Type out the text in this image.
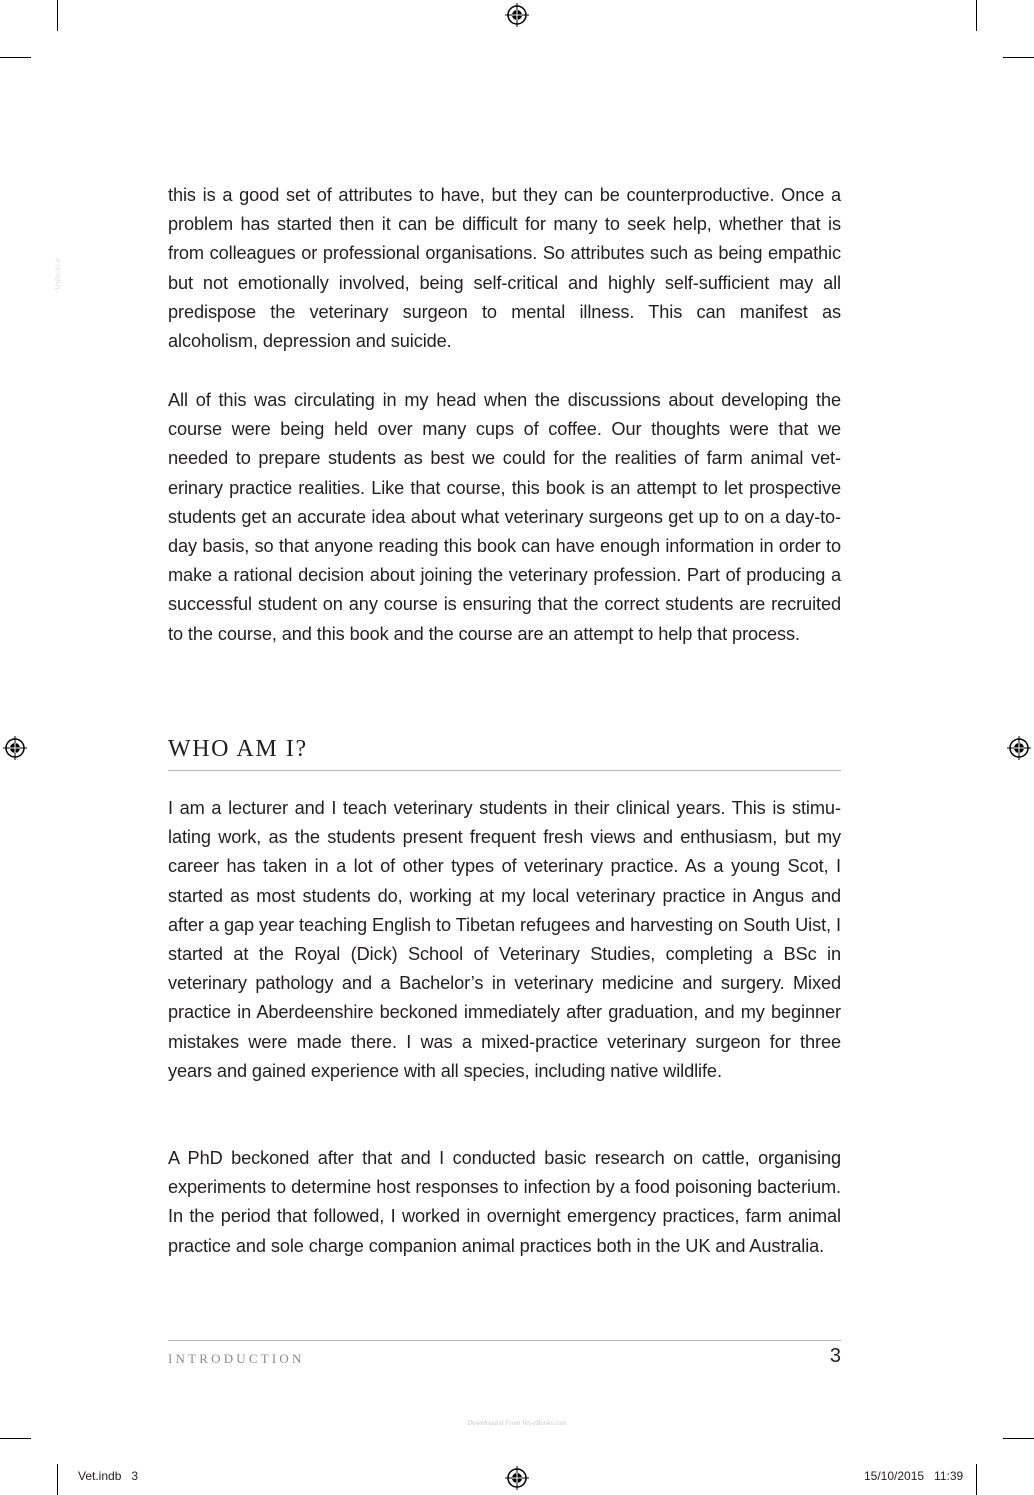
VetBooks.ir

this is a good set of attributes to have, but they can be counterproductive. Once a problem has started then it can be difficult for many to seek help, whether that is from colleagues or professional organisations. So attributes such as being empathic but not emotionally involved, being self-critical and highly self-sufficient may all predispose the veterinary surgeon to mental illness. This can manifest as alcoholism, depression and suicide.

All of this was circulating in my head when the discussions about developing the course were being held over many cups of coffee. Our thoughts were that we needed to prepare students as best we could for the realities of farm animal veterinary practice realities. Like that course, this book is an attempt to let prospective students get an accurate idea about what veterinary surgeons get up to on a day-to-day basis, so that anyone reading this book can have enough information in order to make a rational decision about joining the veterinary profession. Part of producing a successful student on any course is ensuring that the correct students are recruited to the course, and this book and the course are an attempt to help that process.

WHO AM I?

I am a lecturer and I teach veterinary students in their clinical years. This is stimulating work, as the students present frequent fresh views and enthusiasm, but my career has taken in a lot of other types of veterinary practice. As a young Scot, I started as most students do, working at my local veterinary practice in Angus and after a gap year teaching English to Tibetan refugees and harvesting on South Uist, I started at the Royal (Dick) School of Veterinary Studies, completing a BSc in veterinary pathology and a Bachelor’s in veterinary medicine and surgery. Mixed practice in Aberdeenshire beckoned immediately after graduation, and my beginner mistakes were made there. I was a mixed-practice veterinary surgeon for three years and gained experience with all species, including native wildlife.

A PhD beckoned after that and I conducted basic research on cattle, organising experiments to determine host responses to infection by a food poisoning bacterium. In the period that followed, I worked in overnight emergency practices, farm animal practice and sole charge companion animal practices both in the UK and Australia.

INTRODUCTION	3
Downloaded From Vet-eBooks.com
Vet.indb   3	15/10/2015   11:39
